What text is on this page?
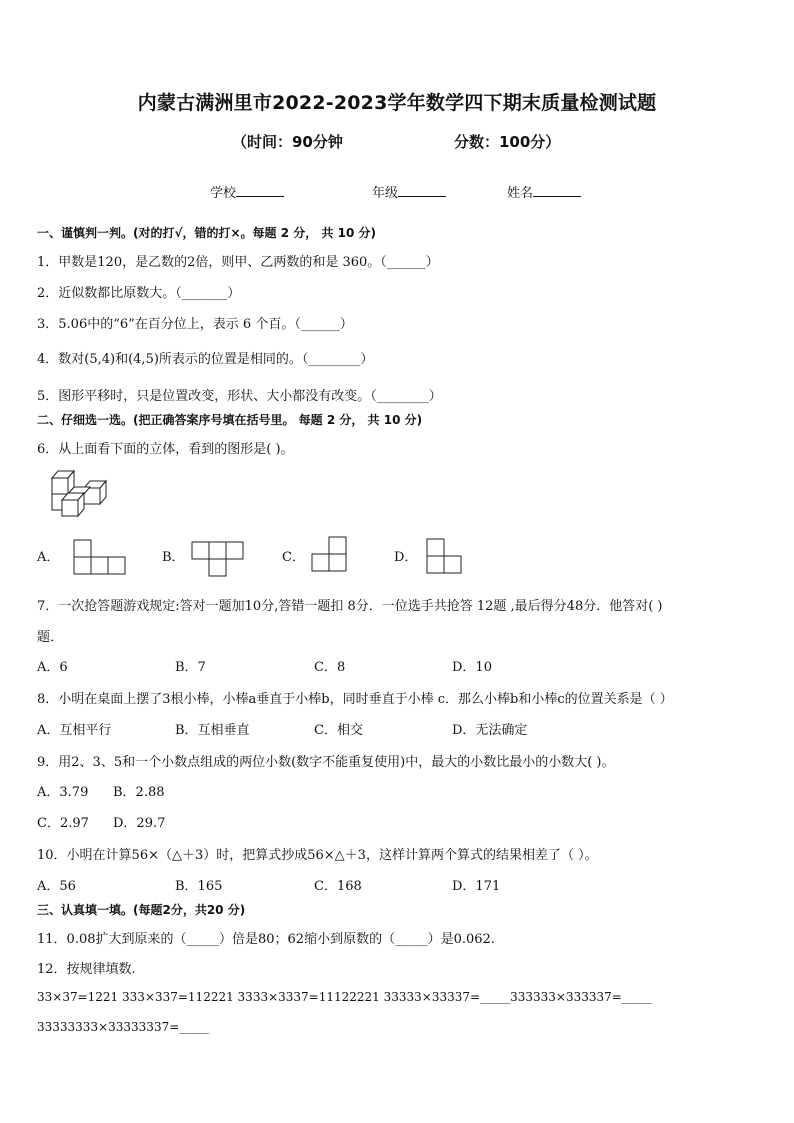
内蒙古满洲里市2022-2023学年数学四下期末质量检测试题
（时间：90分钟	分数：100分）
学校	年级	姓名
一、谨慎判一判。(对的打√，错的打×。每题 2 分， 共 10 分)
1．甲数是120，是乙数的2倍，则甲、乙两数的和是 360。（______）
2．近似数都比原数大。（_______）
3．5.06中的“6”在百分位上，表示 6 个百。（______）
4．数对(5,4)和(4,5)所表示的位置是相同的。（________）
5．图形平移时，只是位置改变，形状、大小都没有改变。（________）
二、仔细选一选。(把正确答案序号填在括号里。 每题 2 分， 共 10 分)
6．从上面看下面的立体，看到的图形是( )。
A．	B．	C．	D．
7．一次抢答题游戏规定:答对一题加10分,答错一题扣 8分．一位选手共抢答 12题 ,最后得分48分．他答对( )
题．
A．6	B．7	C．8	D．10
8．小明在桌面上摆了3根小棒，小棒a垂直于小棒b，同时垂直于小棒 c．那么小棒b和小棒c的位置关系是（ ）
A．互相平行	B．互相垂直	C．相交	D．无法确定
9．用2、3、5和一个小数点组成的两位小数(数字不能重复使用)中，最大的小数比最小的小数大( )。
A．3.79 B．2.88
C．2.97 D．29.7
10．小明在计算56×（△＋3）时，把算式抄成56×△＋3，这样计算两个算式的结果相差了（ ）。
A．56	B．165	C．168	D．171
三、认真填一填。(每题2分，共20 分)
11．0.08扩大到原来的（_____）倍是80；62缩小到原数的（_____）是0.062.
12．按规律填数.
33×37=1221 333×337=112221 3333×3337=11122221 33333×33337=_____333333×333337=_____
33333333×33333337=_____
